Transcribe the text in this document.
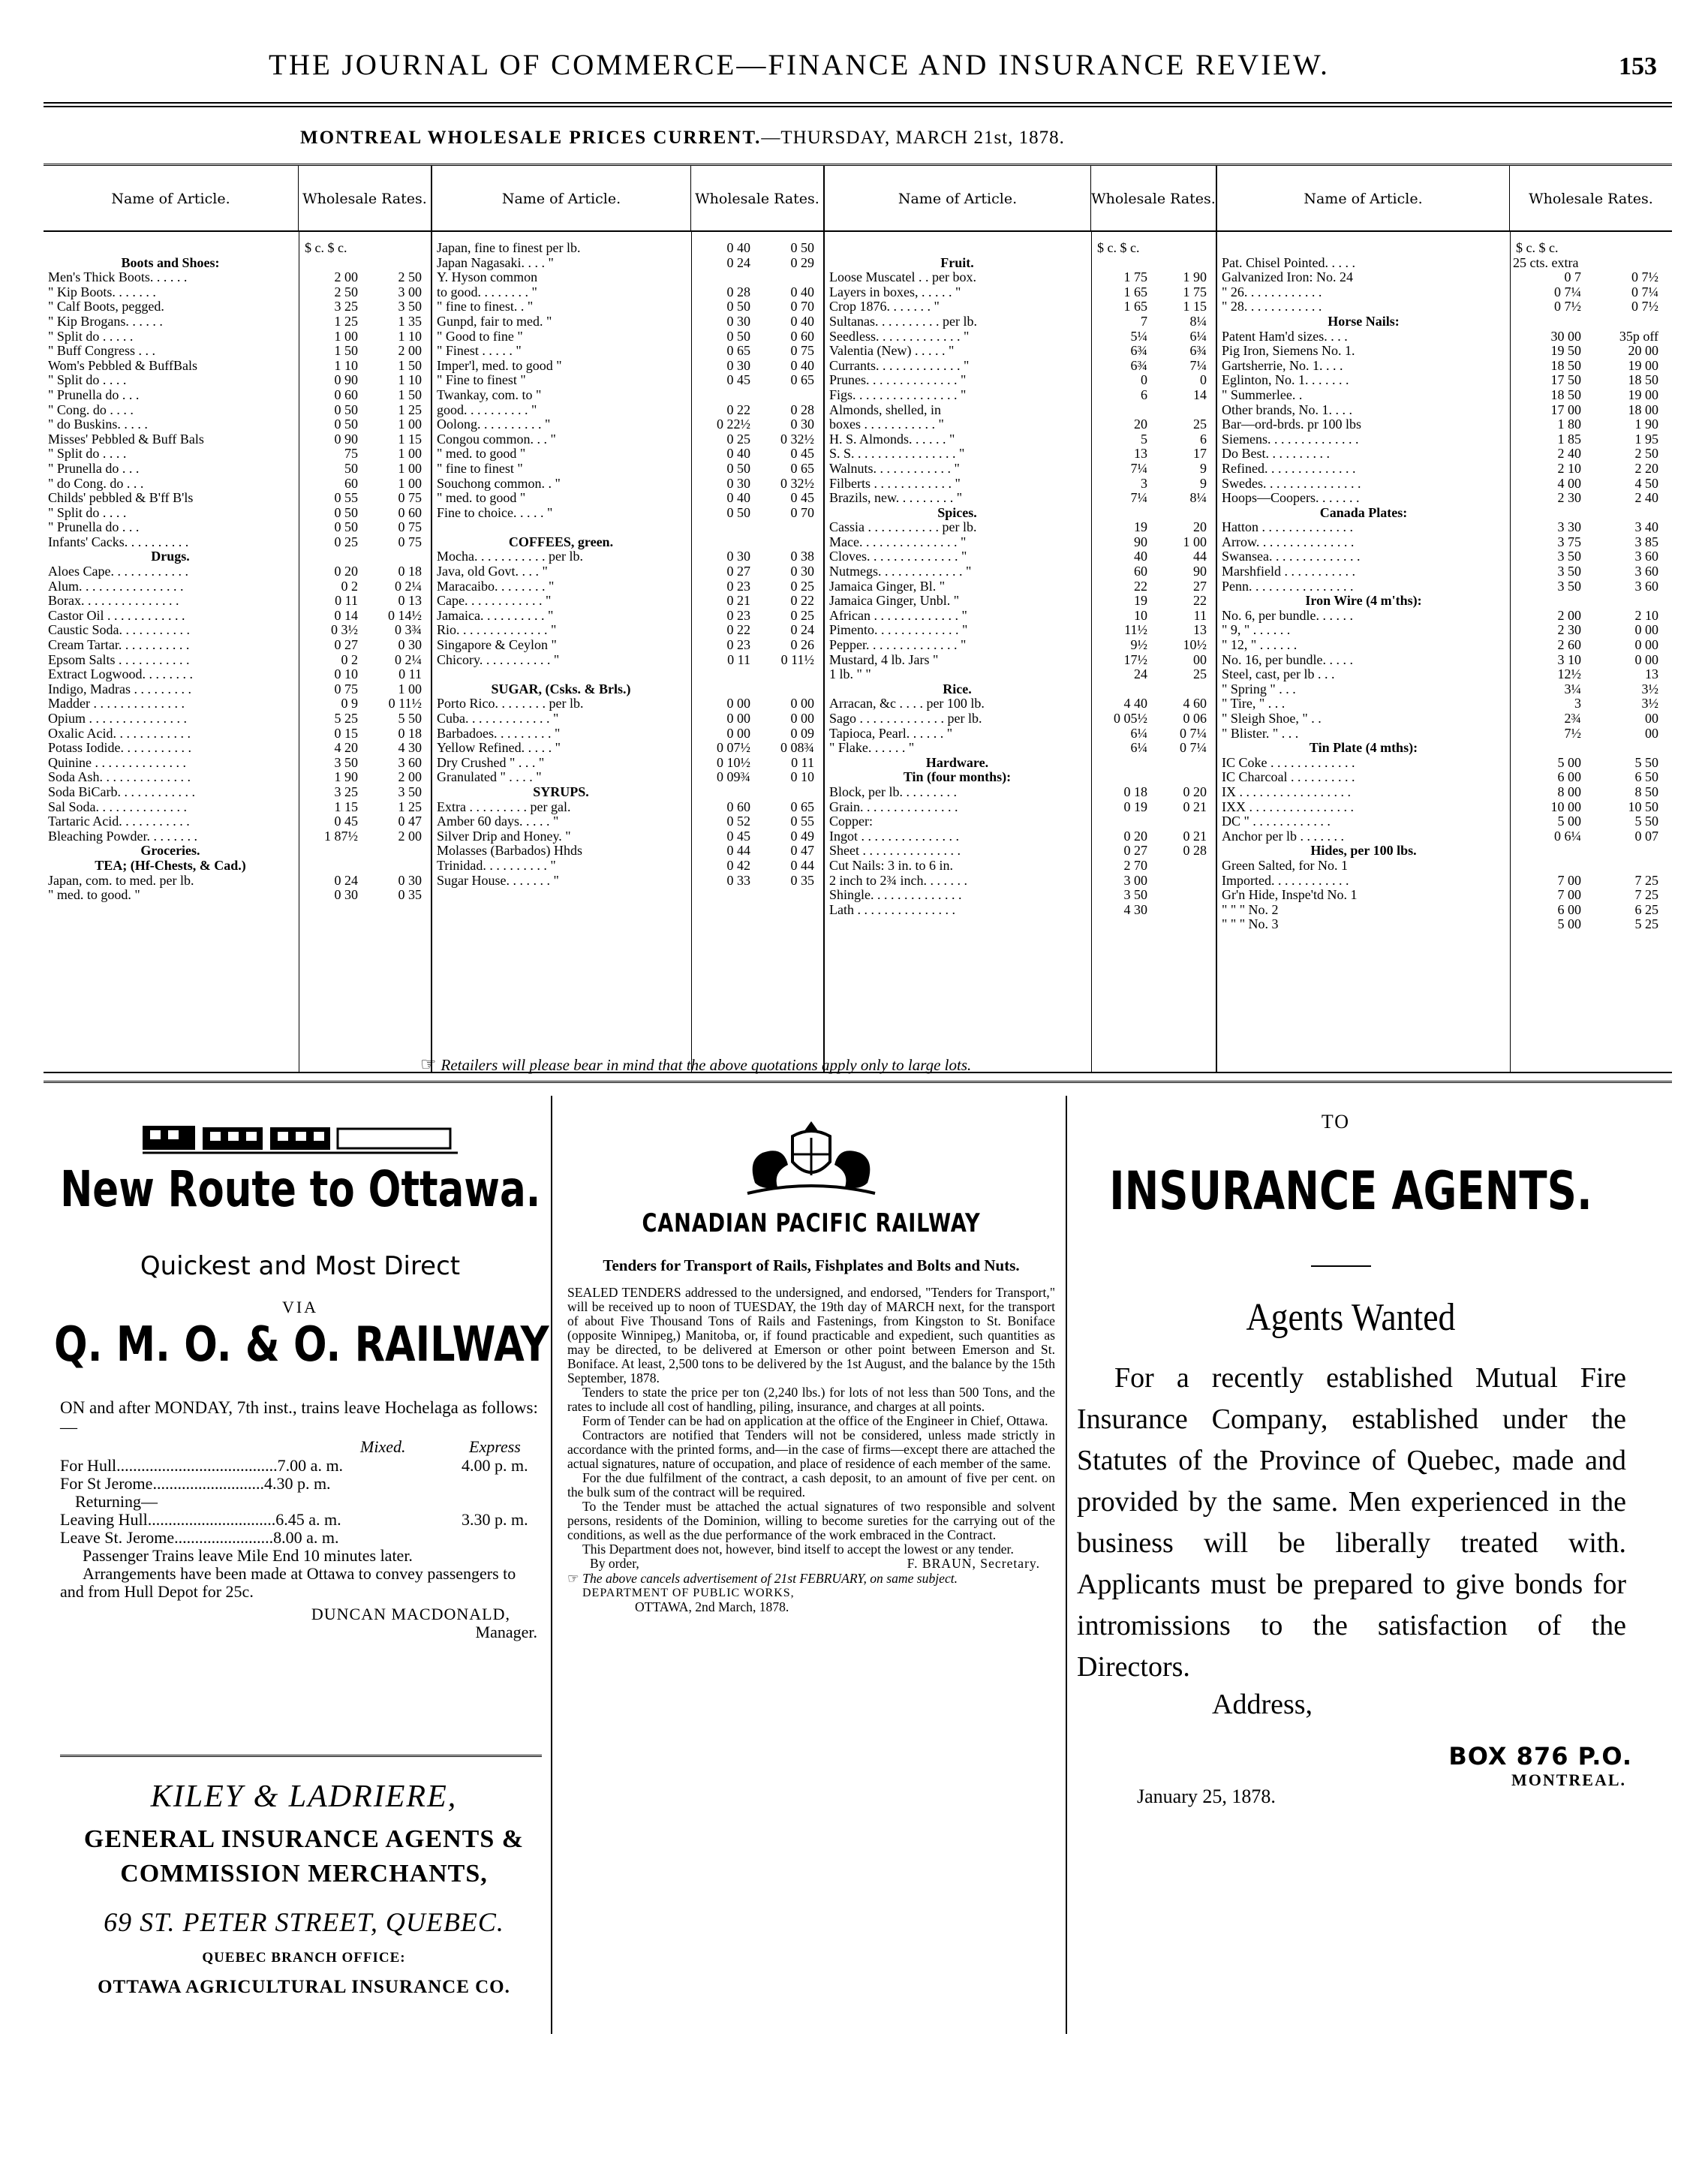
THE JOURNAL OF COMMERCE—FINANCE AND INSURANCE REVIEW.	153
MONTREAL WHOLESALE PRICES CURRENT.—THURSDAY, MARCH 21st, 1878.
Name of Article.	Wholesale Rates.
$ c. $ c.
Boots and Shoes:
Men's Thick Boots. . . . . .	2 00	2 50
" Kip Boots. . . . . . .	2 50	3 00
" Calf Boots, pegged.	3 25	3 50
" Kip Brogans. . . . . .	1 25	1 35
" Split do . . . . .	1 00	1 10
" Buff Congress . . .	1 50	2 00
Wom's Pebbled & BuffBals	1 10	1 50
" Split do . . . .	0 90	1 10
" Prunella do . . .	0 60	1 50
" Cong. do . . . .	0 50	1 25
" do Buskins. . . . .	0 50	1 00
Misses' Pebbled & Buff Bals	0 90	1 15
" Split do . . . .	75	1 00
" Prunella do . . .	50	1 00
" do Cong. do . . .	60	1 00
Childs' pebbled & B'ff B'ls	0 55	0 75
" Split do . . . .	0 50	0 60
" Prunella do . . .	0 50	0 75
Infants' Cacks. . . . . . . . . .	0 25	0 75
Drugs.
Aloes Cape. . . . . . . . . . . .	0 20	0 18
Alum. . . . . . . . . . . . . . . .	0 2	0 2¼
Borax. . . . . . . . . . . . . . .	0 11	0 13
Castor Oil . . . . . . . . . . . .	0 14	0 14½
Caustic Soda. . . . . . . . . . .	0 3½	0 3¾
Cream Tartar. . . . . . . . . . .	0 27	0 30
Epsom Salts . . . . . . . . . . .	0 2	0 2¼
Extract Logwood. . . . . . . .	0 10	0 11
Indigo, Madras . . . . . . . . .	0 75	1 00
Madder . . . . . . . . . . . . . .	0 9	0 11½
Opium . . . . . . . . . . . . . . .	5 25	5 50
Oxalic Acid. . . . . . . . . . . .	0 15	0 18
Potass Iodide. . . . . . . . . . .	4 20	4 30
Quinine . . . . . . . . . . . . . .	3 50	3 60
Soda Ash. . . . . . . . . . . . . .	1 90	2 00
Soda BiCarb. . . . . . . . . . . .	3 25	3 50
Sal Soda. . . . . . . . . . . . . .	1 15	1 25
Tartaric Acid. . . . . . . . . . .	0 45	0 47
Bleaching Powder. . . . . . . .	1 87½	2 00
Groceries.
TEA; (Hf-Chests, & Cad.)
Japan, com. to med. per lb.	0 24	0 30
" med. to good. "	0 30	0 35
Name of Article.	Wholesale Rates.
Japan, fine to finest per lb.	0 40	0 50
Japan Nagasaki. . . . "	0 24	0 29
Y. Hyson common
to good. . . . . . . . "	0 28	0 40
" fine to finest. . "	0 50	0 70
Gunpd, fair to med. "	0 30	0 40
" Good to fine "	0 50	0 60
" Finest . . . . . "	0 65	0 75
Imper'l, med. to good "	0 30	0 40
" Fine to finest "	0 45	0 65
Twankay, com. to "
good. . . . . . . . . . "	0 22	0 28
Oolong. . . . . . . . . . "	0 22½	0 30
Congou common. . . "	0 25	0 32½
" med. to good "	0 40	0 45
" fine to finest "	0 50	0 65
Souchong common. . "	0 30	0 32½
" med. to good "	0 40	0 45
Fine to choice. . . . . "	0 50	0 70
COFFEES, green.
Mocha. . . . . . . . . . . per lb.	0 30	0 38
Java, old Govt. . . . "	0 27	0 30
Maracaibo. . . . . . . . "	0 23	0 25
Cape. . . . . . . . . . . . "	0 21	0 22
Jamaica. . . . . . . . . . "	0 23	0 25
Rio. . . . . . . . . . . . . . "	0 22	0 24
Singapore & Ceylon "	0 23	0 26
Chicory. . . . . . . . . . . "	0 11	0 11½
SUGAR, (Csks. & Brls.)
Porto Rico. . . . . . . . per lb.	0 00	0 00
Cuba. . . . . . . . . . . . . "	0 00	0 00
Barbadoes. . . . . . . . . "	0 00	0 09
Yellow Refined. . . . . "	0 07½	0 08¾
Dry Crushed " . . . "	0 10½	0 11
Granulated " . . . . "	0 09¾	0 10
SYRUPS.
Extra . . . . . . . . . per gal.	0 60	0 65
Amber 60 days. . . . . "	0 52	0 55
Silver Drip and Honey. "	0 45	0 49
Molasses (Barbados) Hhds	0 44	0 47
Trinidad. . . . . . . . . . "	0 42	0 44
Sugar House. . . . . . . "	0 33	0 35
Name of Article.	Wholesale Rates.
$ c. $ c.
Fruit.
Loose Muscatel . . per box.	1 75	1 90
Layers in boxes, . . . . . "	1 65	1 75
Crop 1876. . . . . . . "	1 65	1 15
Sultanas. . . . . . . . . . per lb.	7	8¼
Seedless. . . . . . . . . . . . . "	5¼	6¼
Valentia (New) . . . . . "	6¾	6¾
Currants. . . . . . . . . . . . . "	6¾	7¼
Prunes. . . . . . . . . . . . . . "	0	0
Figs. . . . . . . . . . . . . . . . "	6	14
Almonds, shelled, in
boxes . . . . . . . . . . . "	20	25
H. S. Almonds. . . . . . "	5	6
S. S. . . . . . . . . . . . . . . . "	13	17
Walnuts. . . . . . . . . . . . "	7¼	9
Filberts . . . . . . . . . . . . "	3	9
Brazils, new. . . . . . . . . "	7¼	8¼
Spices.
Cassia . . . . . . . . . . . per lb.	19	20
Mace. . . . . . . . . . . . . . . "	90	1 00
Cloves. . . . . . . . . . . . . . "	40	44
Nutmegs. . . . . . . . . . . . . "	60	90
Jamaica Ginger, Bl. "	22	27
Jamaica Ginger, Unbl. "	19	22
African . . . . . . . . . . . . . "	10	11
Pimento. . . . . . . . . . . . . "	11½	13
Pepper. . . . . . . . . . . . . . "	9½	10½
Mustard, 4 lb. Jars "	17½	00
1 lb. " "	24	25
Rice.
Arracan, &c . . . . per 100 lb.	4 40	4 60
Sago . . . . . . . . . . . . . per lb.	0 05½	0 06
Tapioca, Pearl. . . . . . "	6¼	0 7¼
" Flake. . . . . . "	6¼	0 7¼
Hardware.
Tin (four months):
Block, per lb. . . . . . . . .	0 18	0 20
Grain. . . . . . . . . . . . . . .	0 19	0 21
Copper:
Ingot . . . . . . . . . . . . . . .	0 20	0 21
Sheet . . . . . . . . . . . . . . .	0 27	0 28
Cut Nails: 3 in. to 6 in.	2 70
2 inch to 2¾ inch. . . . . . .	3 00
Shingle. . . . . . . . . . . . . .	3 50
Lath . . . . . . . . . . . . . . .	4 30
Name of Article.	Wholesale Rates.
$ c. $ c.
Pat. Chisel Pointed. . . . .	25 cts. extra
Galvanized Iron: No. 24	0 7	0 7½
" 26. . . . . . . . . . . .	0 7¼	0 7¼
" 28. . . . . . . . . . . .	0 7½	0 7½
Horse Nails:
Patent Ham'd sizes. . . .	30 00	35p off
Pig Iron, Siemens No. 1.	19 50	20 00
Gartsherrie, No. 1. . . .	18 50	19 00
Eglinton, No. 1. . . . . . .	17 50	18 50
" Summerlee. .	18 50	19 00
Other brands, No. 1. . . .	17 00	18 00
Bar—ord-brds. pr 100 lbs	1 80	1 90
Siemens. . . . . . . . . . . . . .	1 85	1 95
Do Best. . . . . . . . . .	2 40	2 50
Refined. . . . . . . . . . . . . .	2 10	2 20
Swedes. . . . . . . . . . . . . . .	4 00	4 50
Hoops—Coopers. . . . . . .	2 30	2 40
Canada Plates:
Hatton . . . . . . . . . . . . . .	3 30	3 40
Arrow. . . . . . . . . . . . . . .	3 75	3 85
Swansea. . . . . . . . . . . . . .	3 50	3 60
Marshfield . . . . . . . . . . .	3 50	3 60
Penn. . . . . . . . . . . . . . . .	3 50	3 60
Iron Wire (4 m'ths):
No. 6, per bundle. . . . . .	2 00	2 10
" 9, " . . . . . .	2 30	0 00
" 12, " . . . . . .	2 60	0 00
No. 16, per bundle. . . . .	3 10	0 00
Steel, cast, per lb . . .	12½	13
" Spring " . . .	3¼	3½
" Tire, " . . .	3	3½
" Sleigh Shoe, " . .	2¾	00
" Blister. " . . .	7½	00
Tin Plate (4 mths):
IC Coke . . . . . . . . . . . . .	5 00	5 50
IC Charcoal . . . . . . . . . .	6 00	6 50
IX . . . . . . . . . . . . . . . . .	8 00	8 50
IXX . . . . . . . . . . . . . . . .	10 00	10 50
DC " . . . . . . . . . . . .	5 00	5 50
Anchor per lb . . . . . . .	0 6¼	0 07
Hides, per 100 lbs.
Green Salted, for No. 1
Imported. . . . . . . . . . . .	7 00	7 25
Gr'n Hide, Inspe'td No. 1	7 00	7 25
" " " No. 2	6 00	6 25
" " " No. 3	5 00	5 25
☞ Retailers will please bear in mind that the above quotations apply only to large lots.
New Route to Ottawa.
Quickest and Most Direct
VIA
Q. M. O. & O. RAILWAY
ON and after MONDAY, 7th inst., trains leave Hochelaga as follows:—
Mixed.	Express
For Hull.......................................7.00 a. m.	4.00 p. m.
For St Jerome...........................4.30 p. m.
Returning—
Leaving Hull...............................6.45 a. m.	3.30 p. m.
Leave St. Jerome........................8.00 a. m.
Passenger Trains leave Mile End 10 minutes later.
Arrangements have been made at Ottawa to convey passengers to and from Hull Depot for 25c.
DUNCAN MACDONALD,
Manager.
KILEY & LADRIERE,
GENERAL INSURANCE AGENTS &
COMMISSION MERCHANTS,
69 ST. PETER STREET, QUEBEC.
QUEBEC BRANCH OFFICE:
OTTAWA AGRICULTURAL INSURANCE CO.
CANADIAN PACIFIC RAILWAY
Tenders for Transport of Rails, Fishplates and Bolts and Nuts.

SEALED TENDERS addressed to the undersigned, and endorsed, "Tenders for Transport," will be received up to noon of TUESDAY, the 19th day of MARCH next, for the transport of about Five Thousand Tons of Rails and Fastenings, from Kingston to St. Boniface (opposite Winnipeg,) Manitoba, or, if found practicable and expedient, such quantities as may be directed, to be delivered at Emerson or other point between Emerson and St. Boniface. At least, 2,500 tons to be delivered by the 1st August, and the balance by the 15th September, 1878.

Tenders to state the price per ton (2,240 lbs.) for lots of not less than 500 Tons, and the rates to include all cost of handling, piling, insurance, and charges at all points.

Form of Tender can be had on application at the office of the Engineer in Chief, Ottawa.

Contractors are notified that Tenders will not be considered, unless made strictly in accordance with the printed forms, and—in the case of firms—except there are attached the actual signatures, nature of occupation, and place of residence of each member of the same.

For the due fulfilment of the contract, a cash deposit, to an amount of five per cent. on the bulk sum of the contract will be required.

To the Tender must be attached the actual signatures of two responsible and solvent persons, residents of the Dominion, willing to become sureties for the carrying out of the conditions, as well as the due performance of the work embraced in the Contract.

This Department does not, however, bind itself to accept the lowest or any tender.

By order,	F. BRAUN, Secretary.
☞ The above cancels advertisement of 21st FEBRUARY, on same subject.
DEPARTMENT OF PUBLIC WORKS,
OTTAWA, 2nd March, 1878.
TO
INSURANCE AGENTS.
Agents Wanted
For a recently established Mutual Fire Insurance Company, established under the Statutes of the Province of Quebec, made and provided by the same. Men experienced in the business will be liberally treated with. Applicants must be prepared to give bonds for intromissions to the satisfaction of the Directors.
Address,
BOX 876 P.O.
MONTREAL.
January 25, 1878.
